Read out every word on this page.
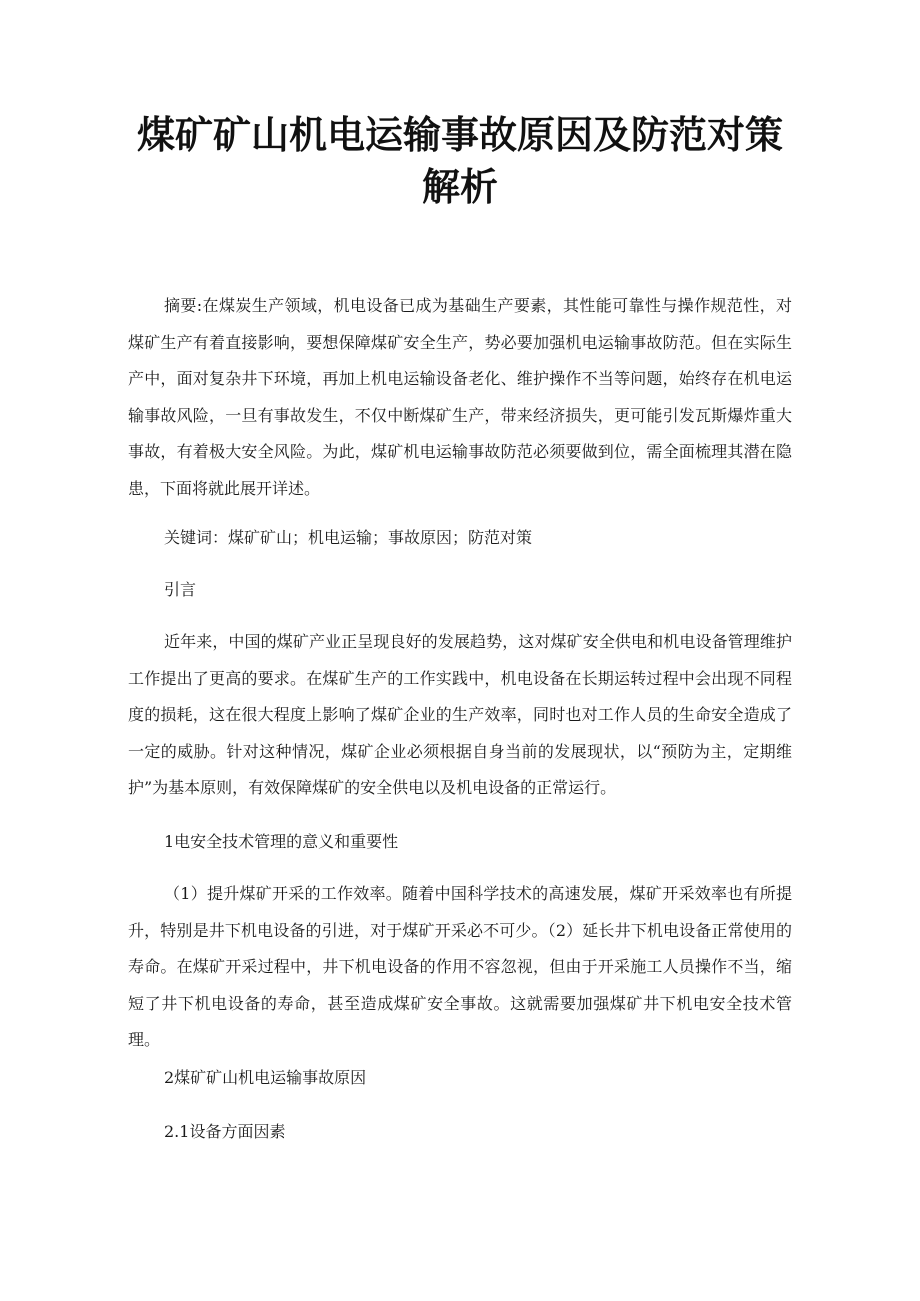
煤矿矿山机电运输事故原因及防范对策
解析
摘要:在煤炭生产领域，机电设备已成为基础生产要素，其性能可靠性与操作规范性，对煤矿生产有着直接影响，要想保障煤矿安全生产，势必要加强机电运输事故防范。但在实际生产中，面对复杂井下环境，再加上机电运输设备老化、维护操作不当等问题，始终存在机电运输事故风险，一旦有事故发生，不仅中断煤矿生产，带来经济损失，更可能引发瓦斯爆炸重大事故，有着极大安全风险。为此，煤矿机电运输事故防范必须要做到位，需全面梳理其潜在隐患，下面将就此展开详述。
关键词：煤矿矿山；机电运输；事故原因；防范对策
引言
近年来，中国的煤矿产业正呈现良好的发展趋势，这对煤矿安全供电和机电设备管理维护工作提出了更高的要求。在煤矿生产的工作实践中，机电设备在长期运转过程中会出现不同程度的损耗，这在很大程度上影响了煤矿企业的生产效率，同时也对工作人员的生命安全造成了一定的威胁。针对这种情况，煤矿企业必须根据自身当前的发展现状，以“预防为主，定期维护”为基本原则，有效保障煤矿的安全供电以及机电设备的正常运行。
1电安全技术管理的意义和重要性
（1）提升煤矿开采的工作效率。随着中国科学技术的高速发展，煤矿开采效率也有所提升，特别是井下机电设备的引进，对于煤矿开采必不可少。（2）延长井下机电设备正常使用的寿命。在煤矿开采过程中，井下机电设备的作用不容忽视，但由于开采施工人员操作不当，缩短了井下机电设备的寿命，甚至造成煤矿安全事故。这就需要加强煤矿井下机电安全技术管理。
2煤矿矿山机电运输事故原因
2.1设备方面因素
